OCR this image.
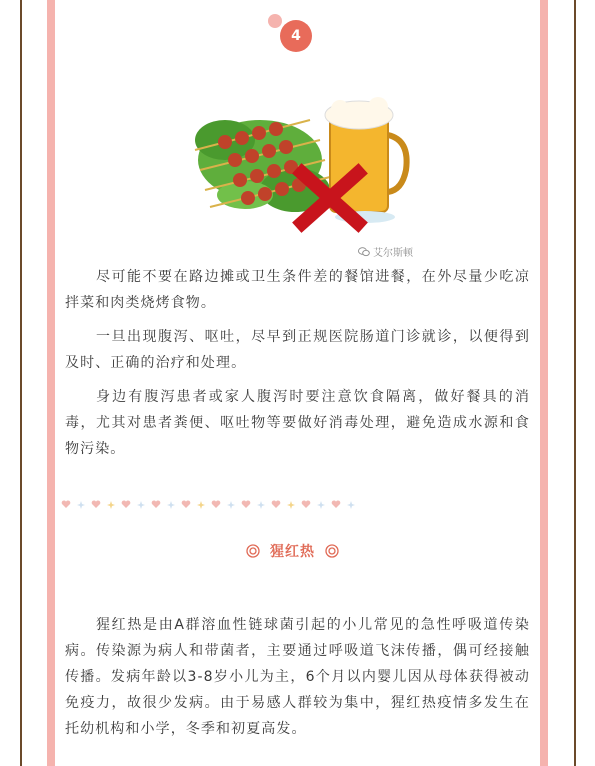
4
艾尔斯顿

尽可能不要在路边摊或卫生条件差的餐馆进餐，在外尽量少吃凉拌菜和肉类烧烤食物。

一旦出现腹泻、呕吐，尽早到正规医院肠道门诊就诊，以便得到及时、正确的治疗和处理。

身边有腹泻患者或家人腹泻时要注意饮食隔离，做好餐具的消毒，尤其对患者粪便、呕吐物等要做好消毒处理，避免造成水源和食物污染。

猩红热

猩红热是由A群溶血性链球菌引起的小儿常见的急性呼吸道传染病。传染源为病人和带菌者，主要通过呼吸道飞沫传播，偶可经接触传播。发病年龄以3-8岁小儿为主，6个月以内婴儿因从母体获得被动免疫力，故很少发病。由于易感人群较为集中，猩红热疫情多发生在托幼机构和小学，冬季和初夏高发。
